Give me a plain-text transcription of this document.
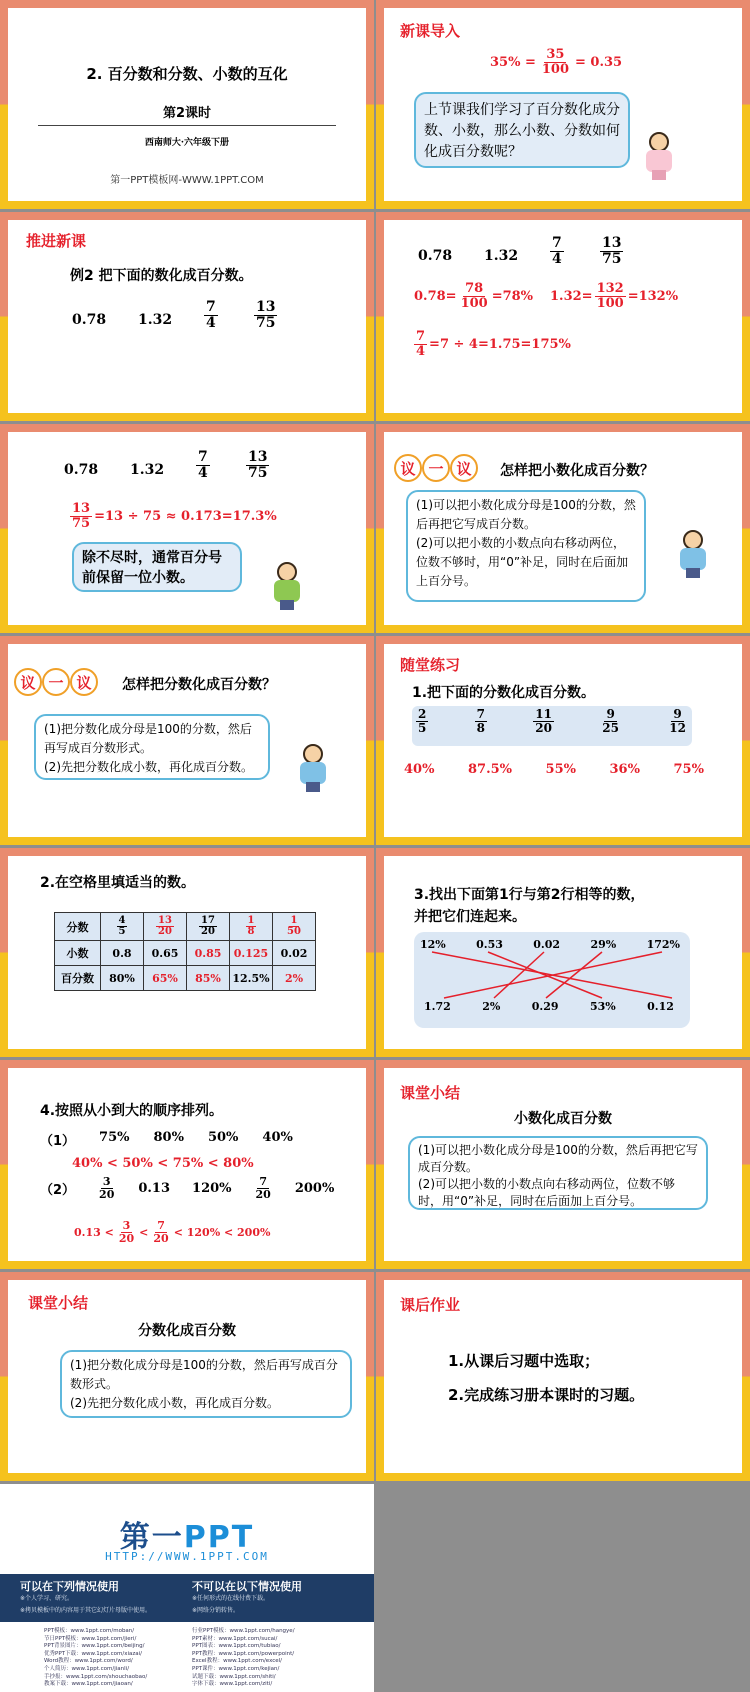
2. 百分数和分数、小数的互化
第2课时
西南师大·六年级下册
第一PPT模板网-WWW.1PPT.COM
新课导入
$35\% = \frac{35}{100} = 0.35$
上节课我们学习了百分数化成分数、小数，那么小数、分数如何化成百分数呢？
推进新课
例2 把下面的数化成百分数。
0.78 $1.32 \frac{7}{4}$	$\frac{13}{75}$
0.78 $1.32 \frac{7}{4}$	$\frac{13}{75}$
$0.78= \frac{78}{100} =78\%$ $1.32= \frac{132}{100} =132\%$
$\frac{7}{4} =7 \div 4=1.75=175\%$
0.78 $1.32 \frac{7}{4}$	$\frac{13}{75}$
$\frac{13}{75} =13 \div 75 \approx 0.173=17.3\%$
除不尽时，通常百分号前保留一位小数。
议 一 议	怎样把小数化成百分数？
(1)可以把小数化成分母是100的分数，然后再把它写成百分数。
(2)可以把小数的小数点向右移动两位，位数不够时，用“0”补足，同时在后面加上百分号。
议 一 议	怎样把分数化成百分数？
(1)把分数化成分母是100的分数，然后再写成百分数形式。
(2)先把分数化成小数，再化成百分数。
随堂练习
1.把下面的分数化成百分数。
$\frac{2}{5}$	$\frac{7}{8}$	$\frac{11}{20}$	$\frac{9}{25}$	$\frac{9}{12}$
40%	87.5%	55%	36%	75%
2.在空格里填适当的数。
分数	$\frac{4}{5}$	$\frac{13}{20}$	$\frac{17}{20}$	$\frac{1}{8}$	$\frac{1}{50}$

小数	0.8	0.65	0.85	0.125	0.02
百分数	80%	65%	85%	12.5%	2%
3.找出下面第1行与第2行相等的数，
并把它们连起来。
12%	0.53	0.02	29%	172%
1.72	2%	0.29	53%	0.12
4.按照从小到大的顺序排列。
（1） 75% 80% 50% 40%
40% < 50% < 75% < 80%
$(2) \frac{3}{20} 0.13$ $120\% \frac{7}{20} 200\%$
$0.13 < \frac{3}{20} < \frac{7}{20} < 120\% < 200\%$
课堂小结
小数化成百分数
(1)可以把小数化成分母是100的分数，然后再把它写成百分数。
(2)可以把小数的小数点向右移动两位，位数不够时，用“0”补足，同时在后面加上百分号。
课堂小结
分数化成百分数
(1)把分数化成分母是100的分数，然后再写成百分数形式。
(2)先把分数化成小数，再化成百分数。
课后作业
1.从课后习题中选取；
2.完成练习册本课时的习题。
第一PPT
HTTP://WWW.1PPT.COM
可以在下列情况使用
※个人学习、研究。
※拷贝模板中的内容用于其它幻灯片母版中使用。
不可以在以下情况使用
※任何形式的在线付费下载。
※网络分销转售。
PPT模板：www.1ppt.com/moban/
节日PPT模板：www.1ppt.com/jieri/
PPT背景图片：www.1ppt.com/beijing/
优秀PPT下载：www.1ppt.com/xiazai/
Word教程：www.1ppt.com/word/
个人简历：www.1ppt.com/jianli/
手抄报：www.1ppt.com/shouchaobao/
教案下载：www.1ppt.com/jiaoan/
行业PPT模板：www.1ppt.com/hangye/
PPT素材：www.1ppt.com/sucai/
PPT图表：www.1ppt.com/tubiao/
PPT教程：www.1ppt.com/powerpoint/
Excel教程：www.1ppt.com/excel/
PPT课件：www.1ppt.com/kejian/
试题下载：www.1ppt.com/shiti/
字体下载：www.1ppt.com/ziti/
